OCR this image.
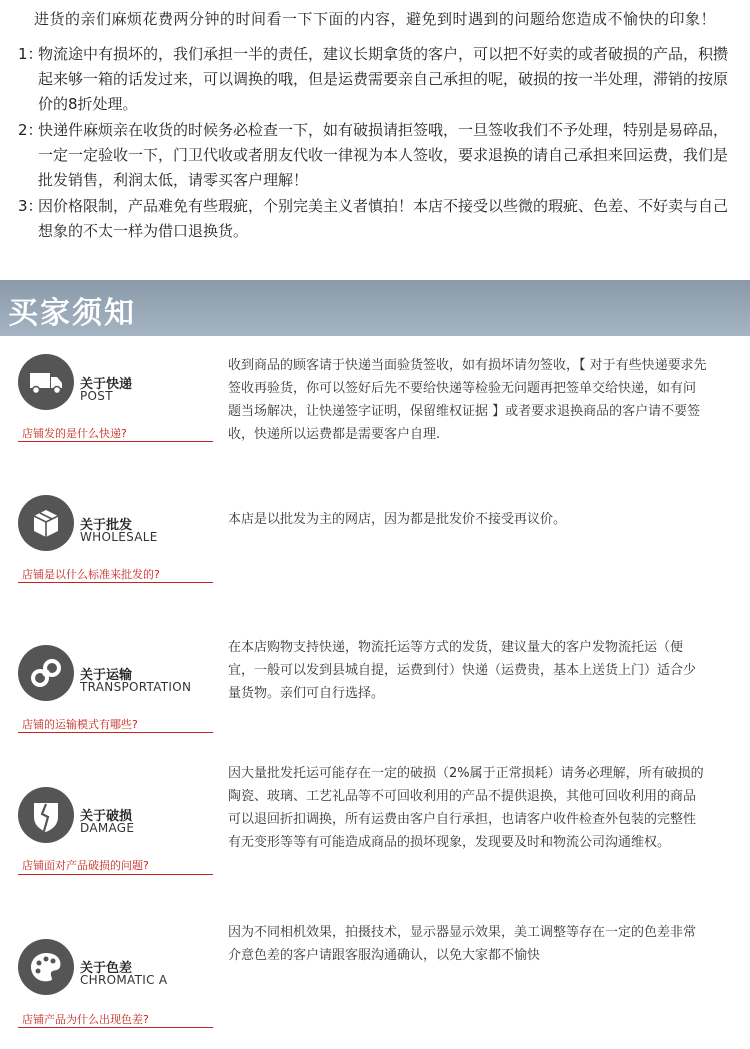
进货的亲们麻烦花费两分钟的时间看一下下面的内容，避免到时遇到的问题给您造成不愉快的印象！
1：
物流途中有损坏的，我们承担一半的责任，建议长期拿货的客户，可以把不好卖的或者破损的产品，积攒起来够一箱的话发过来，可以调换的哦，但是运费需要亲自己承担的呢，破损的按一半处理，滞销的按原价的8折处理。
2：
快递件麻烦亲在收货的时候务必检查一下，如有破损请拒签哦，一旦签收我们不予处理，特别是易碎品，一定一定验收一下，门卫代收或者朋友代收一律视为本人签收，要求退换的请自己承担来回运费，我们是批发销售，利润太低，请零买客户理解！
3：
因价格限制，产品难免有些瑕疵，个别完美主义者慎拍！本店不接受以些微的瑕疵、色差、不好卖与自己想象的不太一样为借口退换货。
买家须知
关于快递
POST
店铺发的是什么快递?
收到商品的顾客请于快递当面验货签收，如有损坏请勿签收，【 对于有些快递要求先签收再验货，你可以签好后先不要给快递等检验无问题再把签单交给快递，如有问题当场解决，让快递签字证明，保留维权证据 】或者要求退换商品的客户请不要签收，快递所以运费都是需要客户自理.
关于批发
WHOLESALE
店铺是以什么标准来批发的?
本店是以批发为主的网店，因为都是批发价不接受再议价。
关于运输
TRANSPORTATION
店铺的运输模式有哪些?
在本店购物支持快递，物流托运等方式的发货，建议量大的客户发物流托运（便宜，一般可以发到县城自提，运费到付）快递（运费贵，基本上送货上门）适合少量货物。亲们可自行选择。
关于破损
DAMAGE
店铺面对产品破损的问题?
因大量批发托运可能存在一定的破损（2%属于正常损耗）请务必理解，所有破损的陶瓷、玻璃、工艺礼品等不可回收利用的产品不提供退换，其他可回收利用的商品可以退回折扣调换，所有运费由客户自行承担，也请客户收件检查外包装的完整性有无变形等等有可能造成商品的损坏现象，发现要及时和物流公司沟通维权。
关于色差
CHROMATIC A
店铺产品为什么出现色差?
因为不同相机效果，拍摄技术，显示器显示效果，美工调整等存在一定的色差非常介意色差的客户请跟客服沟通确认，以免大家都不愉快
